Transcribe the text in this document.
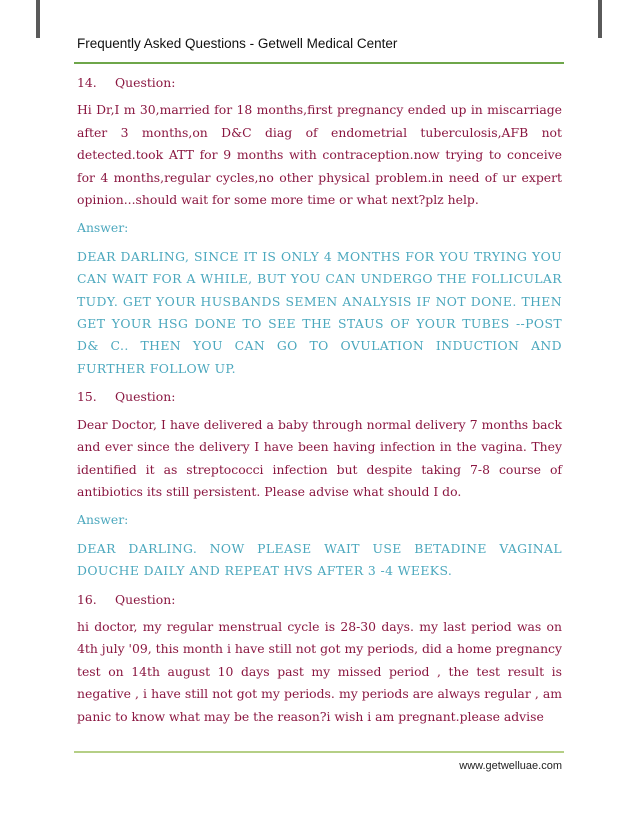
Frequently Asked Questions - Getwell Medical Center
14. Question:
Hi Dr,I m 30,married for 18 months,first pregnancy ended up in miscarriage after 3 months,on D&C diag of endometrial tuberculosis,AFB not detected.took ATT for 9 months with contraception.now trying to conceive for 4 months,regular cycles,no other physical problem.in need of ur expert opinion...should wait for some more time or what next?plz help.
Answer:
DEAR DARLING, SINCE IT IS ONLY 4 MONTHS FOR YOU TRYING YOU CAN WAIT FOR A WHILE, BUT YOU CAN UNDERGO THE FOLLICULAR TUDY. GET YOUR HUSBANDS SEMEN ANALYSIS IF NOT DONE. THEN GET YOUR HSG DONE TO SEE THE STAUS OF YOUR TUBES --POST D& C.. THEN YOU CAN GO TO OVULATION INDUCTION AND FURTHER FOLLOW UP.
15. Question:
Dear Doctor, I have delivered a baby through normal delivery 7 months back and ever since the delivery I have been having infection in the vagina. They identified it as streptococci infection but despite taking 7-8 course of antibiotics its still persistent. Please advise what should I do.
Answer:
DEAR DARLING. NOW PLEASE WAIT USE BETADINE VAGINAL DOUCHE DAILY AND REPEAT HVS AFTER 3 -4 WEEKS.
16. Question:
hi doctor, my regular menstrual cycle is 28-30 days. my last period was on 4th july '09, this month i have still not got my periods, did a home pregnancy test on 14th august 10 days past my missed period , the test result is negative , i have still not got my periods. my periods are always regular , am panic to know what may be the reason?i wish i am pregnant.please advise
www.getwelluae.com
